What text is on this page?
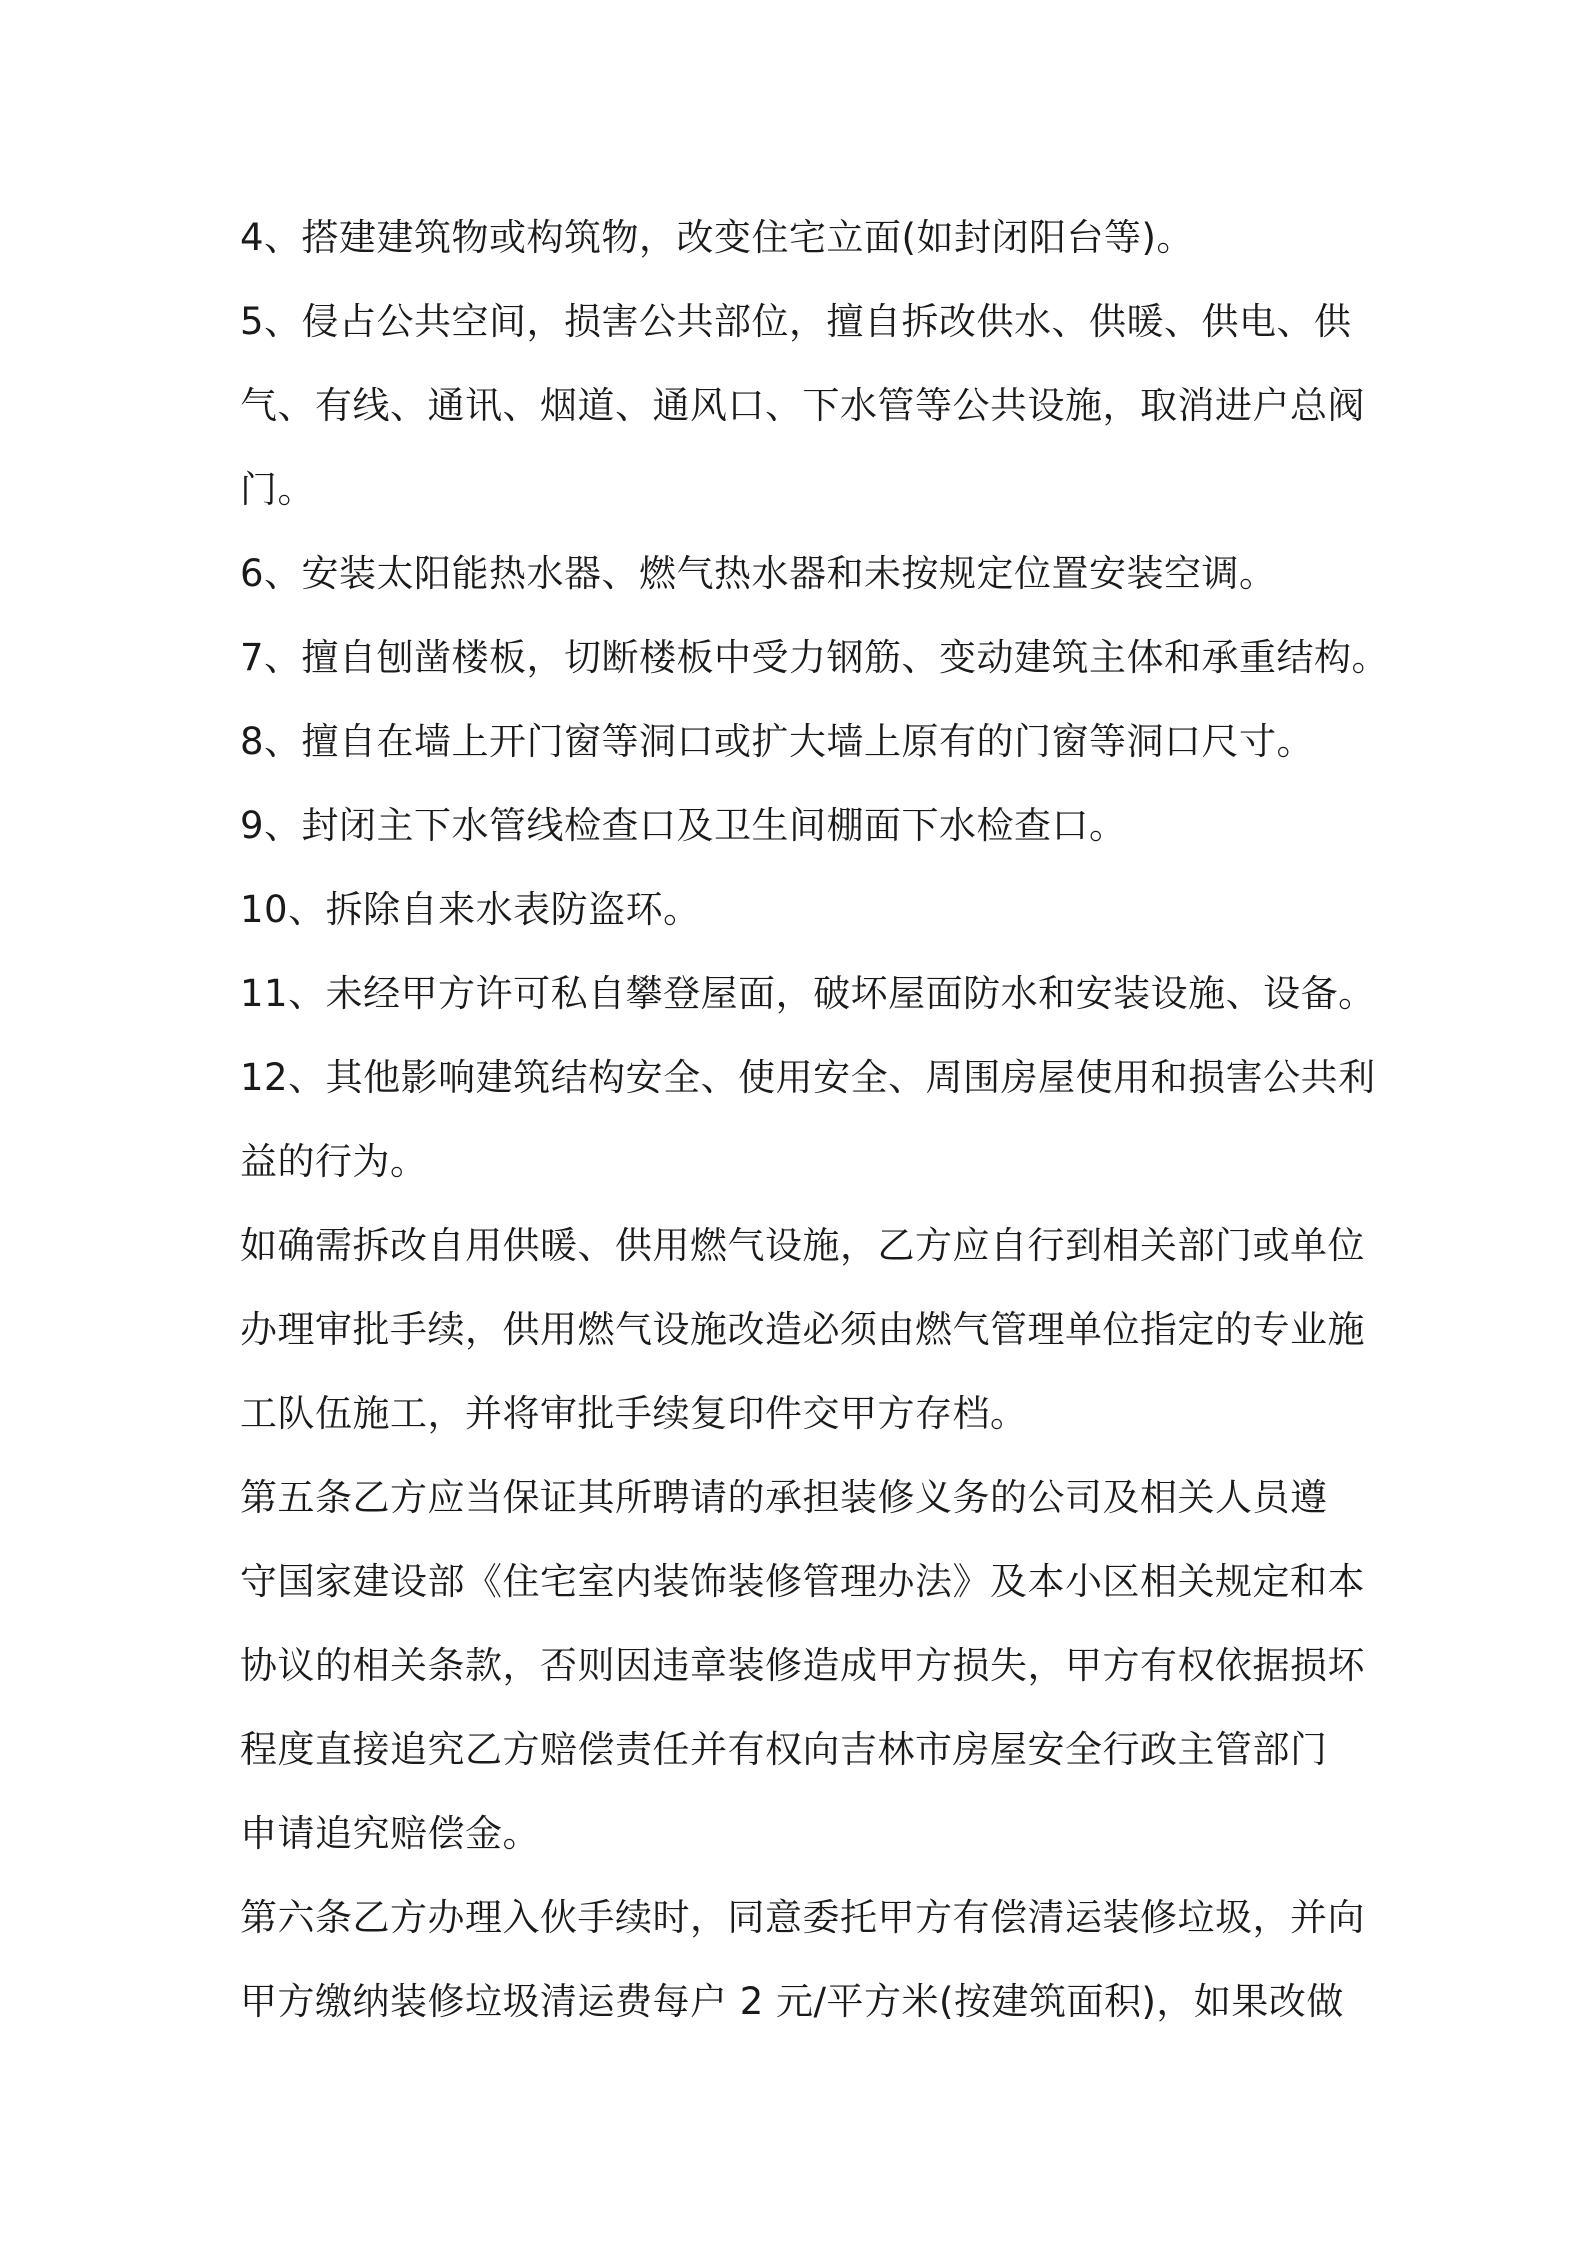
4、搭建建筑物或构筑物，改变住宅立面(如封闭阳台等)。
5、侵占公共空间，损害公共部位，擅自拆改供水、供暖、供电、供
气、有线、通讯、烟道、通风口、下水管等公共设施，取消进户总阀
门。
6、安装太阳能热水器、燃气热水器和未按规定位置安装空调。
7、擅自刨凿楼板，切断楼板中受力钢筋、变动建筑主体和承重结构。
8、擅自在墙上开门窗等洞口或扩大墙上原有的门窗等洞口尺寸。
9、封闭主下水管线检查口及卫生间棚面下水检查口。
10、拆除自来水表防盗环。
11、未经甲方许可私自攀登屋面，破坏屋面防水和安装设施、设备。
12、其他影响建筑结构安全、使用安全、周围房屋使用和损害公共利
益的行为。
如确需拆改自用供暖、供用燃气设施，乙方应自行到相关部门或单位
办理审批手续，供用燃气设施改造必须由燃气管理单位指定的专业施
工队伍施工，并将审批手续复印件交甲方存档。
第五条乙方应当保证其所聘请的承担装修义务的公司及相关人员遵
守国家建设部《住宅室内装饰装修管理办法》及本小区相关规定和本
协议的相关条款，否则因违章装修造成甲方损失，甲方有权依据损坏
程度直接追究乙方赔偿责任并有权向吉林市房屋安全行政主管部门
申请追究赔偿金。
第六条乙方办理入伙手续时，同意委托甲方有偿清运装修垃圾，并向
甲方缴纳装修垃圾清运费每户 2 元/平方米(按建筑面积)，如果改做
